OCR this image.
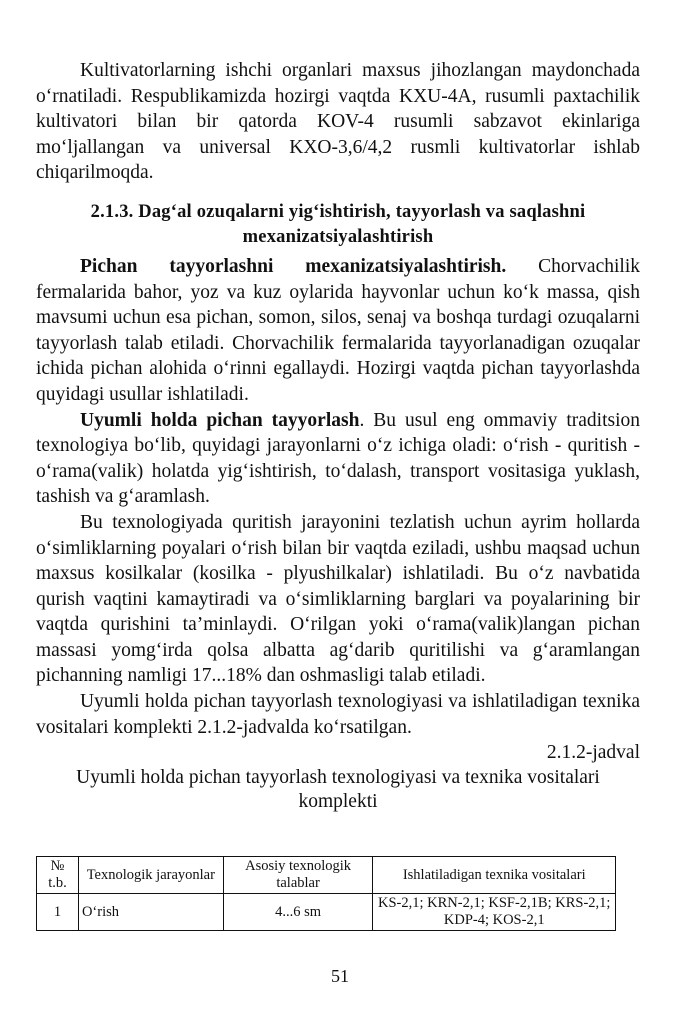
Kultivatorlarning ishchi organlari maxsus jihozlangan maydonchada o‘rnatiladi. Respublikamizda hozirgi vaqtda KXU-4A, rusumli paxtachilik kultivatori bilan bir qatorda KOV-4 rusumli sabzavot ekinlariga mo‘ljallangan va universal KXO-3,6/4,2 rusmli kultivatorlar ishlab chiqarilmoqda.

2.1.3. Dag‘al ozuqalarni yig‘ishtirish, tayyorlash va saqlashni mexanizatsiyalashtirish

Pichan tayyorlashni mexanizatsiyalashtirish. Chorvachilik fermalarida bahor, yoz va kuz oylarida hayvonlar uchun ko‘k massa, qish mavsumi uchun esa pichan, somon, silos, senaj va boshqa turdagi ozuqalarni tayyorlash talab etiladi. Chorvachilik fermalarida tayyorlanadigan ozuqalar ichida pichan alohida o‘rinni egallaydi. Hozirgi vaqtda pichan tayyorlashda quyidagi usullar ishlatiladi.

Uyumli holda pichan tayyorlash. Bu usul eng ommaviy traditsion texnologiya bo‘lib, quyidagi jarayonlarni o‘z ichiga oladi: o‘rish - quritish - o‘rama(valik) holatda yig‘ishtirish, to‘dalash, transport vositasiga yuklash, tashish va g‘aramlash.

Bu texnologiyada quritish jarayonini tezlatish uchun ayrim hollarda o‘simliklarning poyalari o‘rish bilan bir vaqtda eziladi, ushbu maqsad uchun maxsus kosilkalar (kosilka - plyushilkalar) ishlatiladi. Bu o‘z navbatida qurish vaqtini kamaytiradi va o‘simliklarning barglari va poyalarining bir vaqtda qurishini ta’minlaydi. O‘rilgan yoki o‘rama(valik)langan pichan massasi yomg‘irda qolsa albatta ag‘darib quritilishi va g‘aramlangan pichanning namligi 17...18% dan oshmasligi talab etiladi.

Uyumli holda pichan tayyorlash texnologiyasi va ishlatiladigan texnika vositalari komplekti 2.1.2-jadvalda ko‘rsatilgan.

2.1.2-jadval

Uyumli holda pichan tayyorlash texnologiyasi va texnika vositalari komplekti

№ t.b.	Texnologik jarayonlar	Asosiy texnologik talablar	Ishlatiladigan texnika vositalari
1	O‘rish	4...6 sm	KS-2,1; KRN-2,1; KSF-2,1B; KRS-2,1; KDP-4; KOS-2,1
51
